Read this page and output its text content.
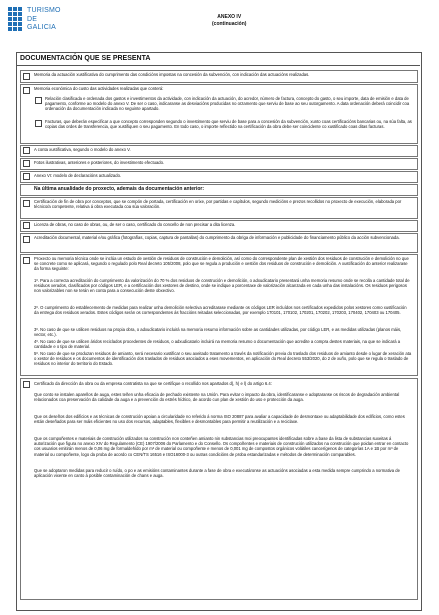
TURISMO
DE
GALICIA
ANEXO IV
(continuación)
DOCUMENTACIÓN QUE SE PRESENTA
Memoria da actuación xustificativa do cumprimento das condicións impostas na concesión da subvención, con indicación das actuacións realizadas.
Memoria económica do custo das actividades realizadas que conterá:
Relación clasificada e ordenada dos gastos e investimentos da actividade, con indicación da actuación, do acredor, número de factura, concepto do gasto, o seu importe, data de emisión e data de pagamento, conforme ao modelo do anexo V. De ser o caso, indicaranse as desviacións producidas no orzamento que serviu de base ao seu outorgamento. A data ordenación deberá coincidir coa ordenación da documentación indicada no seguinte apartado.
Facturas, que deberán especificar a que concepto corresponden segundo o investimento que serviu de base para a concesión da subvención, xunto coas certificacións bancarias ou, na súa falta, as copias das ordes de transferencia, que xustifiquen o seu pagamento. En todo caso, o importe reflectido na certificación da obra debe ser coincidente co xustificado coas ditas facturas.
A conta xustificativa, segundo o modelo do anexo V.
Fotos ilustrativas, anteriores e posteriores, do investimento efectuado.
Anexo VI: modelo de declaracións actualizado.
Na última anualidade do proxecto, ademais da documentación anterior:
Certificación de fin de obra por conceptos, que se compón de portada, certificación en orixe, por partidas e capítulos, segundo medicións e prezos recollidos no proxecto de execución, elaborada por técnico/a competente, relativa á obra executada coa súa valoración.
Licenza de obras, no caso de obras, ou, de ser o caso, certificado do concello de non precisar a dita licenza.
Acreditación documental, material e/ou gráfica (fotografías, copias, captura de pantallas) do cumprimento da obriga de información e publicidade do financiamento público da acción subvencionada.
Proxecto ou memoria técnica onde se inclúa un estudo de xestión de residuos de construción e demolición, así como do correspondente plan de xestión dos residuos de construción e demolición no que se concrete como se aplicará, segundo o regulado polo Real decreto 105/2008, polo que se regula a produción e xestión dos residuos de construción e demolición. A xustificación do anterior realizarase da forma seguinte:
1º. Para a correcta acreditación do cumprimento da valorización do 70 % dos residuos de construción e demolición, o adxudicatario presentará unha memoria resumo onde se recolla a cantidade total de residuos xerados, clasificados por códigos LER, e a certificación dos xestores de destino, onde se indique a porcentaxe de valorización alcanzada en cada unha das instalacións. Os residuos perigosos non valorizables non se terán en conta para a consecución deste obxectivo.
2º. O cumprimento do establecemento de medidas para realizar unha demolición selectiva acreditarase mediante os códigos LER incluídos nos certificados expedidos polos xestores como xustificación da entrega dos residuos xerados. Estes códigos serán os correspondentes ás fraccións reitadas seleccionadas, por exemplo 170101, 170102, 170201, 170202, 170203, 170402, 170403 ou 170405.
3º. No caso de que se utilicen residuos na propia obra, o adxudicatario incluirá na memoria resumo información sobre as cantidades utilizadas, por código LER, e as medidas utilizadas (planos máis, vector, etc.).
4º. No caso de que se utilicen áridos reciclados procedentes de residuos, o adxudicatario incluirá na memoria resumo o documentación que acredite a compra destes materiais, na que se indicará a cantidade e o tipo de material.
5º. No caso de que se produzan residuos de amianto, será necesario xustificar o seu axeitado tratamento a través da notificación previa do traslado dos residuos de amianto desde o lugar de xeración ata o xestor de residuos e os documentos de identificación dos traslados de residuos asociados a eses movementos, en aplicación do Real decreto 553/2020, do 2 de xuño, polo que se regula o traslado de residuos no interior do territorio do Estado.
Certificado da dirección da obra ou da empresa contratista na que se certifique o recollido nos apartados d), h) e l) do artigo 6.4:
Que conto se instalen aparellos de auga, estes teñen unha eficacia de pechado existente na Unión. Para evitar o impacto da obra, identificaranse e adoptaranse os riscos de degradación ambiental relacionados coa preservación da calidade da auga e a prevención do estrés hídrico, de acordo cun plan de xestión do uso e protección da auga.
Que os deseños dos edificios e as técnicas de construción apoian a circularidade no referido á norma ISO 20887 para avaliar a capacidade de desmontaxe ou adaptabilidade dos edificios, como estes están deseñados para ser máis eficientes no uso dos recursos, adaptables, flexibles e desmontables para permitir a reutilización e a reciclaxe.
Que os compoñentes e materiais de construción utilizados na construción non conteñen amianto nin substancias moi preocupantes identificadas sobre a base da lista de substancias suxeitas á autorización que figura no anexo XIV do Regulamento (CE) 1907/2006 do Parlamento e do Consello. Os compoñentes e materiais de construción utilizados na construción que poidan entrar en contacto cos usuarios emitirán menos de 0,06 mg de formaldehído por m³ de material ou compoñente e menos de 0,001 mg de compostos orgánicos volátiles cancerígenos de categorías 1A e 1B por m³ de material ou compoñente, logo da proba de acordo co CEN/TS 16516 e ISO16000-3 ou outras condicións de proba estandarizadas e métodos de determinación comparables.
Que se adoptaron medidas para reducir o ruído, o po e as emisións contaminantes durante a fase de obra e executáronse as actuacións asociadas a esta medida sempre cumprindo a normativa de aplicación vixente en canto á posible contaminación de chans e auga.
